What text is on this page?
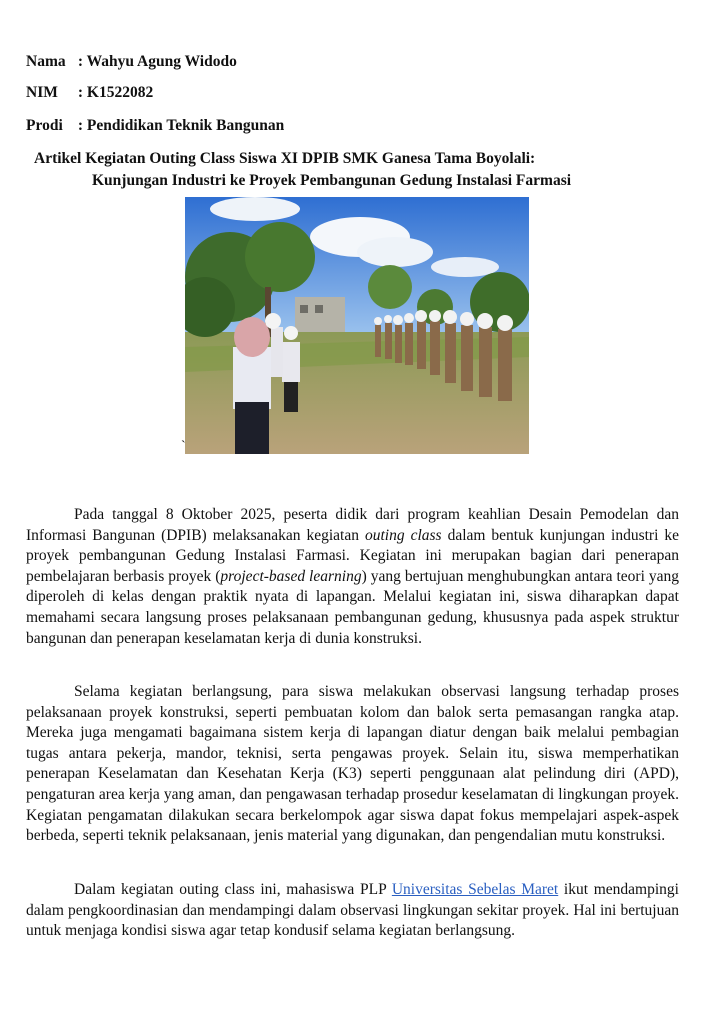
Nama : Wahyu Agung Widodo
NIM : K1522082
Prodi : Pendidikan Teknik Bangunan
Artikel Kegiatan Outing Class Siswa XI DPIB SMK Ganesa Tama Boyolali:
Kunjungan Industri ke Proyek Pembangunan Gedung Instalasi Farmasi
`

Pada tanggal 8 Oktober 2025, peserta didik dari program keahlian Desain Pemodelan dan Informasi Bangunan (DPIB) melaksanakan kegiatan outing class dalam bentuk kunjungan industri ke proyek pembangunan Gedung Instalasi Farmasi. Kegiatan ini merupakan bagian dari penerapan pembelajaran berbasis proyek (project-based learning) yang bertujuan menghubungkan antara teori yang diperoleh di kelas dengan praktik nyata di lapangan. Melalui kegiatan ini, siswa diharapkan dapat memahami secara langsung proses pelaksanaan pembangunan gedung, khususnya pada aspek struktur bangunan dan penerapan keselamatan kerja di dunia konstruksi.

Selama kegiatan berlangsung, para siswa melakukan observasi langsung terhadap proses pelaksanaan proyek konstruksi, seperti pembuatan kolom dan balok serta pemasangan rangka atap. Mereka juga mengamati bagaimana sistem kerja di lapangan diatur dengan baik melalui pembagian tugas antara pekerja, mandor, teknisi, serta pengawas proyek. Selain itu, siswa memperhatikan penerapan Keselamatan dan Kesehatan Kerja (K3) seperti penggunaan alat pelindung diri (APD), pengaturan area kerja yang aman, dan pengawasan terhadap prosedur keselamatan di lingkungan proyek. Kegiatan pengamatan dilakukan secara berkelompok agar siswa dapat fokus mempelajari aspek-aspek berbeda, seperti teknik pelaksanaan, jenis material yang digunakan, dan pengendalian mutu konstruksi.

Dalam kegiatan outing class ini, mahasiswa PLP Universitas Sebelas Maret ikut mendampingi dalam pengkoordinasian dan mendampingi dalam observasi lingkungan sekitar proyek. Hal ini bertujuan untuk menjaga kondisi siswa agar tetap kondusif selama kegiatan berlangsung.
